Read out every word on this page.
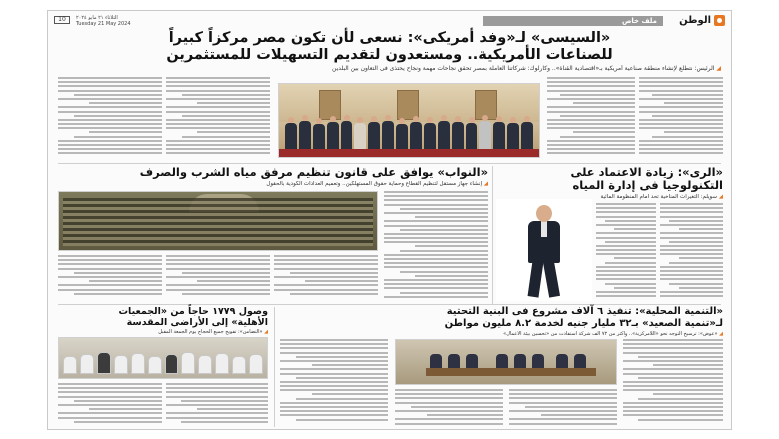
10	الثلاثاء ٢١ مايو ٢٠٢٤
Tuesday 21 May 2024	ملف خاص	الوطن
«السيسى» لـ«وفد أمريكى»: نسعى لأن تكون مصر مركزاً كبيراً
للصناعات الأمريكية.. ومستعدون لتقديم التسهيلات للمستثمرين
◢ الرئيس: نتطلع لإنشاء منطقة صناعية أمريكية بـ«اقتصادية القناة».. وكارلوك: شركاتنا العاملة بمصر تحقق نجاحات مهمة ونجاح يحتذى فى التعاون بين البلدين
«النواب» يوافق على قانون تنظيم مرفق مياه الشرب والصرف
◢ إنشاء جهاز مستقل لتنظيم القطاع وحماية حقوق المستهلكين.. وتعميم العدادات الكودية بالحقول
«الرى»: زيادة الاعتماد على
التكنولوجيا فى إدارة المياه
◢ سويلم: التغيرات المناخية تحد أمام المنظومة المائية
وصول ١٧٧٩ حاجاً من «الجمعيات
الأهلية» إلى الأراضى المقدسة
◢ «التضامن»: تفويج جميع الحجاج يوم الجمعة المقبل
«التنمية المحلية»: تنفيذ ٦ آلاف مشروع فى البنية التحتية
لـ«تنمية الصعيد» بـ٣٢ مليار جنيه لخدمة ٨.٢ مليون مواطن
◢ «عوض»: ترسيخ التوجه نحو «اللامركزية».. واكثر من ٧٢ ألف شركة استفادت من «تحسين بيئة الأعمال»
